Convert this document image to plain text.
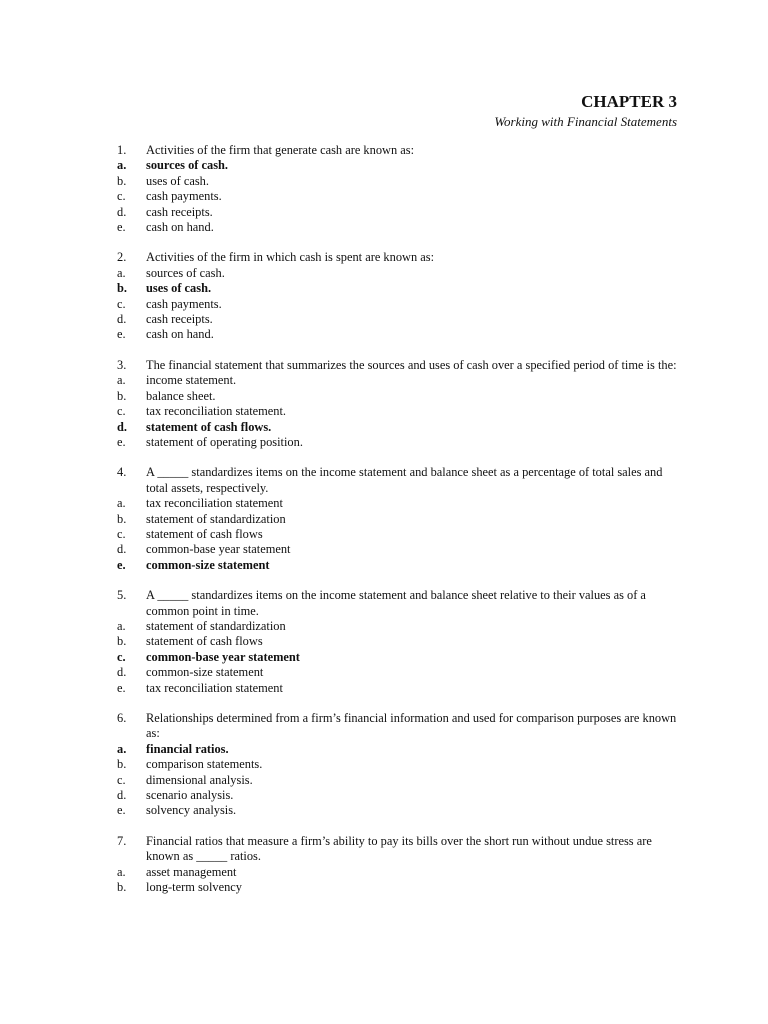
CHAPTER 3
Working with Financial Statements
1.	Activities of the firm that generate cash are known as:
a.	sources of cash.
b.	uses of cash.
c.	cash payments.
d.	cash receipts.
e.	cash on hand.
2.	Activities of the firm in which cash is spent are known as:
a.	sources of cash.
b.	uses of cash.
c.	cash payments.
d.	cash receipts.
e.	cash on hand.
3.	The financial statement that summarizes the sources and uses of cash over a specified period of time is the:
a.	income statement.
b.	balance sheet.
c.	tax reconciliation statement.
d.	statement of cash flows.
e.	statement of operating position.
4.	A _____ standardizes items on the income statement and balance sheet as a percentage of total sales and total assets, respectively.
a.	tax reconciliation statement
b.	statement of standardization
c.	statement of cash flows
d.	common-base year statement
e.	common-size statement
5.	A _____ standardizes items on the income statement and balance sheet relative to their values as of a common point in time.
a.	statement of standardization
b.	statement of cash flows
c.	common-base year statement
d.	common-size statement
e.	tax reconciliation statement
6.	Relationships determined from a firm’s financial information and used for comparison purposes are known as:
a.	financial ratios.
b.	comparison statements.
c.	dimensional analysis.
d.	scenario analysis.
e.	solvency analysis.
7.	Financial ratios that measure a firm’s ability to pay its bills over the short run without undue stress are known as _____ ratios.
a.	asset management
b.	long-term solvency
